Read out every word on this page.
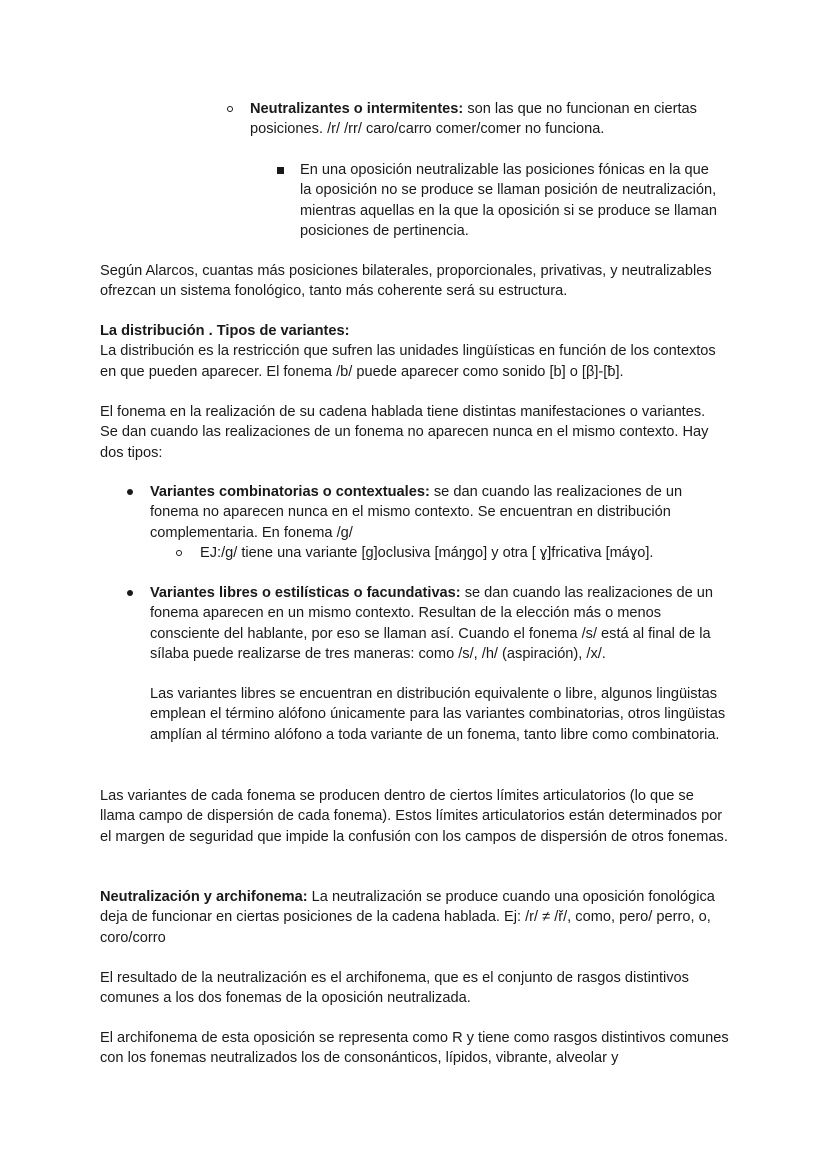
Neutralizantes o intermitentes: son las que no funcionan en ciertas posiciones. /r/ /rr/ caro/carro comer/comer no funciona.

En una oposición neutralizable las posiciones fónicas en la que la oposición no se produce se llaman posición de neutralización, mientras aquellas en la que la oposición si se produce se llaman posiciones de pertinencia.

Según Alarcos, cuantas más posiciones bilaterales, proporcionales, privativas, y neutralizables ofrezcan un sistema fonológico, tanto más coherente será su estructura.

La distribución . Tipos de variantes:
La distribución es la restricción que sufren las unidades lingüísticas en función de los contextos en que pueden aparecer. El fonema /b/ puede aparecer como sonido [b] o [β]-[ƀ].

El fonema en la realización de su cadena hablada tiene distintas manifestaciones o variantes. Se dan cuando las realizaciones de un fonema no aparecen nunca en el mismo contexto. Hay dos tipos:

Variantes combinatorias o contextuales: se dan cuando las realizaciones de un fonema no aparecen nunca en el mismo contexto. Se encuentran en distribución complementaria. En fonema /g/

EJ:/g/ tiene una variante [g]oclusiva [máŋgo] y otra [ ɣ]fricativa [máɣo].

Variantes libres o estilísticas o facundativas: se dan cuando las realizaciones de un fonema aparecen en un mismo contexto. Resultan de la elección más o menos consciente del hablante, por eso se llaman así. Cuando el fonema /s/ está al final de la sílaba puede realizarse de tres maneras: como /s/, /h/ (aspiración), /x/.

Las variantes libres se encuentran en distribución equivalente o libre, algunos lingüistas emplean el término alófono únicamente para las variantes combinatorias, otros lingüistas amplían al término alófono a toda variante de un fonema, tanto libre como combinatoria.

Las variantes de cada fonema se producen dentro de ciertos límites articulatorios (lo que se llama campo de dispersión de cada fonema). Estos límites articulatorios están determinados por el margen de seguridad que impide la confusión con los campos de dispersión de otros fonemas.

Neutralización y archifonema: La neutralización se produce cuando una oposición fonológica deja de funcionar en ciertas posiciones de la cadena hablada. Ej: /r/ ≠ /ř/, como, pero/ perro, o, coro/corro

El resultado de la neutralización es el archifonema, que es el conjunto de rasgos distintivos comunes a los dos fonemas de la oposición neutralizada.

El archifonema de esta oposición se representa como R y tiene como rasgos distintivos comunes con los fonemas neutralizados los de consonánticos, lípidos, vibrante, alveolar y
